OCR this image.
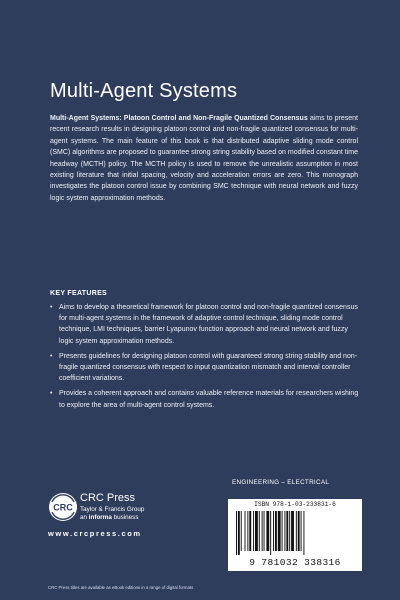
Multi-Agent Systems

Multi-Agent Systems: Platoon Control and Non-Fragile Quantized Consensus aims to present recent research results in designing platoon control and non-fragile quantized consensus for multi-agent systems. The main feature of this book is that distributed adaptive sliding mode control (SMC) algorithms are proposed to guarantee strong string stability based on modified constant time headway (MCTH) policy. The MCTH policy is used to remove the unrealistic assumption in most existing literature that initial spacing, velocity and acceleration errors are zero. This monograph investigates the platoon control issue by combining SMC technique with neural network and fuzzy logic system approximation methods.

KEY FEATURES
• Aims to develop a theoretical framework for platoon control and non-fragile quantized consensus for multi-agent systems in the framework of adaptive control technique, sliding mode control technique, LMI techniques, barrier Lyapunov function approach and neural network and fuzzy logic system approximation methods.
• Presents guidelines for designing platoon control with guaranteed strong string stability and non-fragile quantized consensus with respect to input quantization mismatch and interval controller coefficient variations.
• Provides a coherent approach and contains valuable reference materials for researchers wishing to explore the area of multi-agent control systems.
ENGINEERING – ELECTRICAL
ISBN 978-1-03-233831-6
9 781032 338316
CRC
CRC Press
Taylor & Francis Group
an informa business
www.crcpress.com
CRC Press titles are available as eBook editions in a range of digital formats
